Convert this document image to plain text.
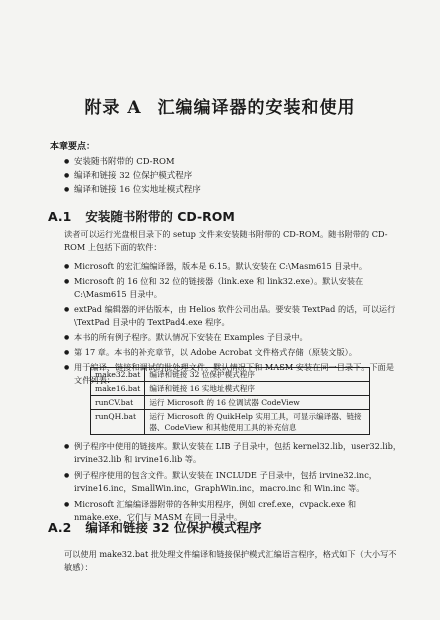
附录 A 汇编编译器的安装和使用
本章要点：
● 安装随书附带的 CD-ROM
● 编译和链接 32 位保护模式程序
● 编译和链接 16 位实地址模式程序
A.1 安装随书附带的 CD-ROM
读者可以运行光盘根目录下的 setup 文件来安装随书附带的 CD-ROM。随书附带的 CD-ROM 上包括下面的软件：
● Microsoft 的宏汇编编译器，版本是 6.15。默认安装在 C:\Masm615 目录中。
● Microsoft 的 16 位和 32 位的链接器（link.exe 和 link32.exe）。默认安装在 C:\Masm615 目录中。
● extPad 编辑器的评估版本，由 Helios 软件公司出品。要安装 TextPad 的话，可以运行\TextPad 目录中的 TextPad4.exe 程序。
● 本书的所有例子程序。默认情况下安装在 Examples 子目录中。
● 第 17 章。本书的补充章节，以 Adobe Acrobat 文件格式存储（原装文版）。
● 用于编译、链接和调试的批处理文件。默认情况下和 MASM 安装在同一目录下。下面是文件列表：
make32.bat	编译和链接 32 位保护模式程序
make16.bat	编译和链接 16 实地址模式程序
runCV.bat	运行 Microsoft 的 16 位调试器 CodeView
runQH.bat	运行 Microsoft 的 QuikHelp 实用工具，可显示编译器、链接器、CodeView 和其他使用工具的补充信息
● 例子程序中使用的链接库。默认安装在 LIB 子目录中，包括 kernel32.lib，user32.lib，irvine32.lib 和 irvine16.lib 等。
● 例子程序使用的包含文件。默认安装在 INCLUDE 子目录中，包括 irvine32.inc，irvine16.inc，SmallWin.inc，GraphWin.inc，macro.inc 和 Win.inc 等。
● Microsoft 汇编编译器附带的各种实用程序，例如 cref.exe，cvpack.exe 和 nmake.exe，它们与 MASM 在同一目录中。
A.2 编译和链接 32 位保护模式程序
可以使用 make32.bat 批处理文件编译和链接保护模式汇编语言程序，格式如下（大小写不敏感）：
